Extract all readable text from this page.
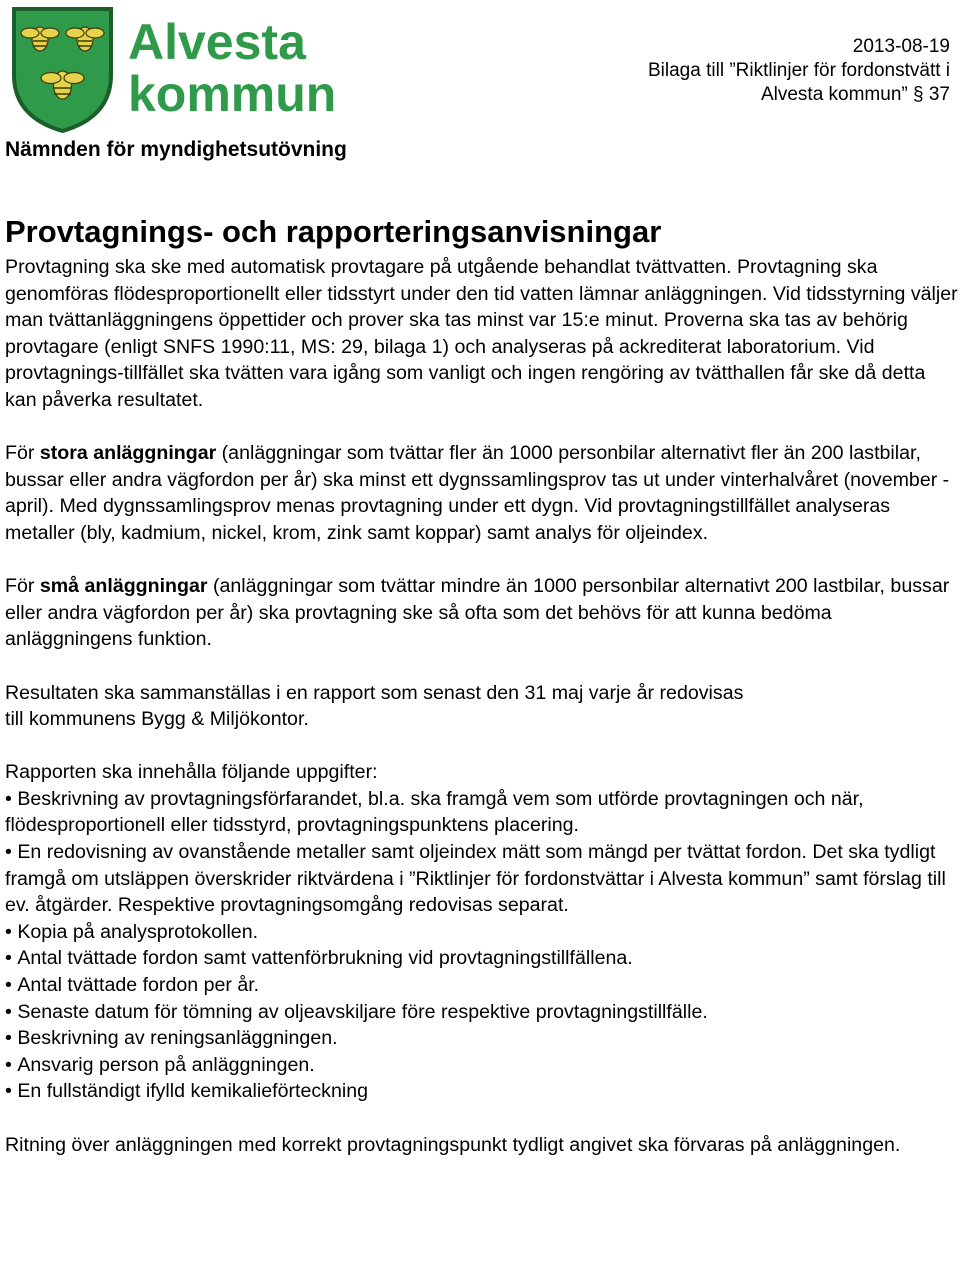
Alvesta
kommun
2013-08-19
Bilaga till ”Riktlinjer för fordonstvätt i
Alvesta kommun” § 37
Nämnden för myndighetsutövning
Provtagnings- och rapporteringsanvisningar

Provtagning ska ske med automatisk provtagare på utgående behandlat tvättvatten. Provtagning ska genomföras flödesproportionellt eller tidsstyrt under den tid vatten lämnar anläggningen. Vid tidsstyrning väljer man tvättanläggningens öppettider och prover ska tas minst var 15:e minut. Proverna ska tas av behörig provtagare (enligt SNFS 1990:11, MS: 29, bilaga 1) och analyseras på ackrediterat laboratorium. Vid provtagnings-tillfället ska tvätten vara igång som vanligt och ingen rengöring av tvätthallen får ske då detta kan påverka resultatet.

För stora anläggningar (anläggningar som tvättar fler än 1000 personbilar alternativt fler än 200 lastbilar, bussar eller andra vägfordon per år) ska minst ett dygnssamlingsprov tas ut under vinterhalvåret (november - april). Med dygnssamlingsprov menas provtagning under ett dygn. Vid provtagningstillfället analyseras metaller (bly, kadmium, nickel, krom, zink samt koppar) samt analys för oljeindex.

För små anläggningar (anläggningar som tvättar mindre än 1000 personbilar alternativt 200 lastbilar, bussar eller andra vägfordon per år) ska provtagning ske så ofta som det behövs för att kunna bedöma anläggningens funktion.

Resultaten ska sammanställas i en rapport som senast den 31 maj varje år redovisas
till kommunens Bygg & Miljökontor.

Rapporten ska innehålla följande uppgifter:

• Beskrivning av provtagningsförfarandet, bl.a. ska framgå vem som utförde provtagningen och när, flödesproportionell eller tidsstyrd, provtagningspunktens placering.
• En redovisning av ovanstående metaller samt oljeindex mätt som mängd per tvättat fordon. Det ska tydligt framgå om utsläppen överskrider riktvärdena i ”Riktlinjer för fordonstvättar i Alvesta kommun” samt förslag till ev. åtgärder. Respektive provtagningsomgång redovisas separat.
• Kopia på analysprotokollen.
• Antal tvättade fordon samt vattenförbrukning vid provtagningstillfällena.
• Antal tvättade fordon per år.
• Senaste datum för tömning av oljeavskiljare före respektive provtagningstillfälle.
• Beskrivning av reningsanläggningen.
• Ansvarig person på anläggningen.
• En fullständigt ifylld kemikalieförteckning

Ritning över anläggningen med korrekt provtagningspunkt tydligt angivet ska förvaras på anläggningen.
